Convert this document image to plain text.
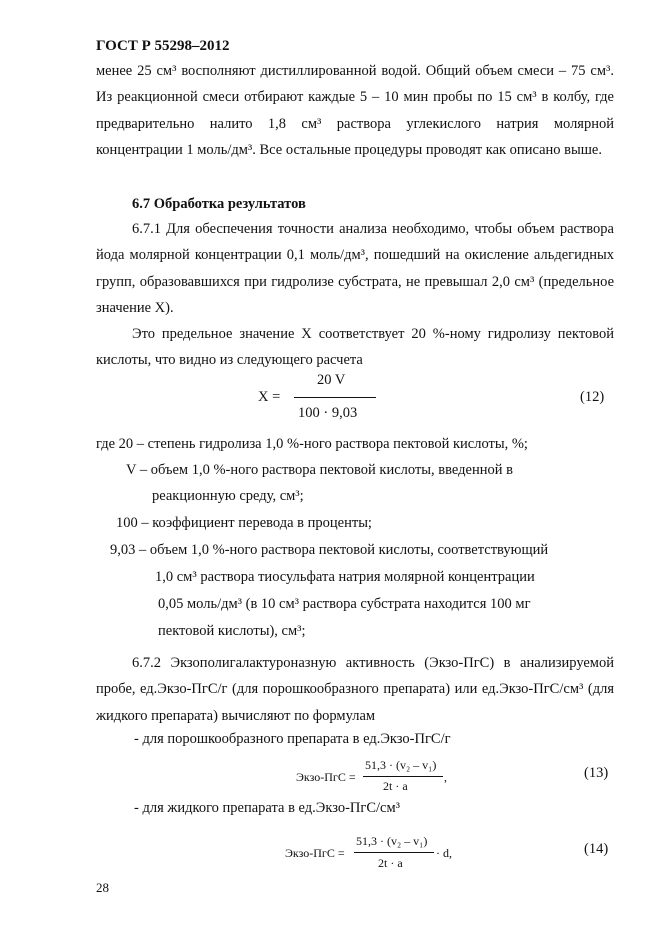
ГОСТ Р 55298–2012
менее 25 см³ восполняют дистиллированной водой. Общий объем смеси – 75 см³. Из реакционной смеси отбирают каждые 5 – 10 мин пробы по 15 см³ в колбу, где предварительно налито 1,8 см³ раствора углекислого натрия молярной концентрации 1 моль/дм³. Все остальные процедуры проводят как описано выше.
6.7 Обработка результатов
6.7.1 Для обеспечения точности анализа необходимо, чтобы объем раствора йода молярной концентрации 0,1 моль/дм³, пошедший на окисление альдегидных групп, образовавшихся при гидролизе субстрата, не превышал 2,0 см³ (предельное значение X).
Это предельное значение X соответствует 20 %-ному гидролизу пектовой кислоты, что видно из следующего расчета
X =
20 V
100 · 9,03
(12)
где 20 – степень гидролиза 1,0 %-ного раствора пектовой кислоты, %;
V – объем 1,0 %-ного раствора пектовой кислоты, введенной в
реакционную среду, см³;
100 – коэффициент перевода в проценты;
9,03 – объем 1,0 %-ного раствора пектовой кислоты, соответствующий
1,0 см³ раствора тиосульфата натрия молярной концентрации
0,05 моль/дм³ (в 10 см³ раствора субстрата находится 100 мг
пектовой кислоты), см³;
6.7.2 Экзополигалактуронaзную активность (Экзо-ПгС) в анализируемой пробе, ед.Экзо-ПгС/г (для порошкообразного препарата) или ед.Экзо-ПгС/см³ (для жидкого препарата) вычисляют по формулам
- для порошкообразного препарата в ед.Экзо-ПгС/г
Экзо-ПгС =
51,3 · (v₂ – v₁)
2t · a
,	(13)
- для жидкого препарата в ед.Экзо-ПгС/см³
Экзо-ПгС =
51,3 · (v₂ – v₁)
2t · a
· d,	(14)
28
